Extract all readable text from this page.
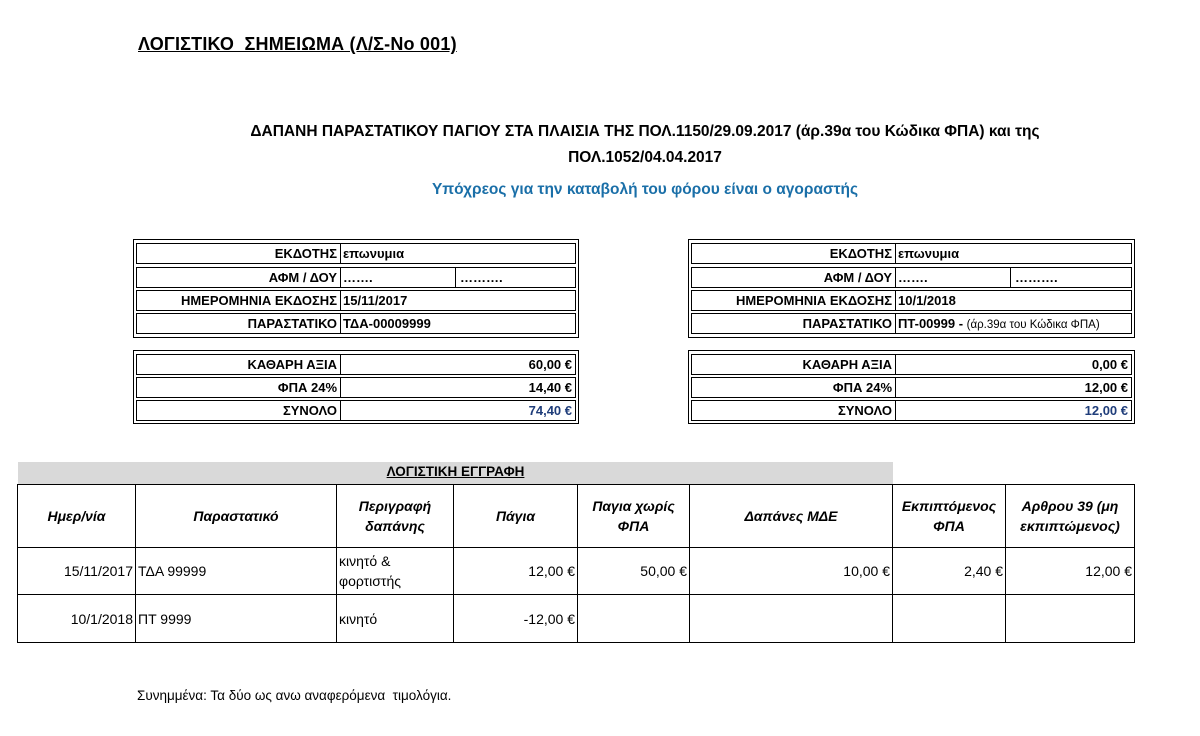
ΛΟΓΙΣΤΙΚΟ  ΣΗΜΕΙΩΜΑ (Λ/Σ-Νο 001)
ΔΑΠΑΝΗ ΠΑΡΑΣΤΑΤΙΚΟΥ ΠΑΓΙΟΥ ΣΤΑ ΠΛΑΙΣΙΑ ΤΗΣ ΠΟΛ.1150/29.09.2017 (άρ.39α του Κώδικα ΦΠΑ) και της
ΠΟΛ.1052/04.04.2017
Υπόχρεος για την καταβολή του φόρου είναι ο αγοραστής
ΕΚΔΟΤΗΣ επωνυμια
ΑΦΜ / ΔΟΥ …….	……….
ΗΜΕΡΟΜΗΝΙΑ ΕΚΔΟΣΗΣ 15/11/2017
ΠΑΡΑΣΤΑΤΙΚΟ ΤΔΑ-00009999
ΚΑΘΑΡΗ ΑΞΙΑ	60,00 €
ΦΠΑ 24%	14,40 €
ΣΥΝΟΛΟ	74,40 €
ΕΚΔΟΤΗΣ επωνυμια
ΑΦΜ / ΔΟΥ …….	……….
ΗΜΕΡΟΜΗΝΙΑ ΕΚΔΟΣΗΣ 10/1/2018
ΠΑΡΑΣΤΑΤΙΚΟ ΠΤ-00999 - (άρ.39α του Κώδικα ΦΠΑ)
ΚΑΘΑΡΗ ΑΞΙΑ	0,00 €
ΦΠΑ 24%	12,00 €
ΣΥΝΟΛΟ	12,00 €
ΛΟΓΙΣΤΙΚΗ ΕΓΓΡΑΦΗ
Ημερ/νία	Παραστατικό	Περιγραφή δαπάνης	Πάγια	Παγια χωρίς ΦΠΑ	Δαπάνες ΜΔΕ	Εκπιπτόμενος ΦΠΑ	Αρθρου 39 (μη εκπιπτώμενος)
15/11/2017	ΤΔΑ 99999	κινητό & φορτιστής	12,00 €	50,00 €	10,00 €	2,40 €	12,00 €
10/1/2018	ΠΤ 9999	κινητό	-12,00 €				
Συνημμένα: Τα δύο ως ανω αναφερόμενα  τιμολόγια.
